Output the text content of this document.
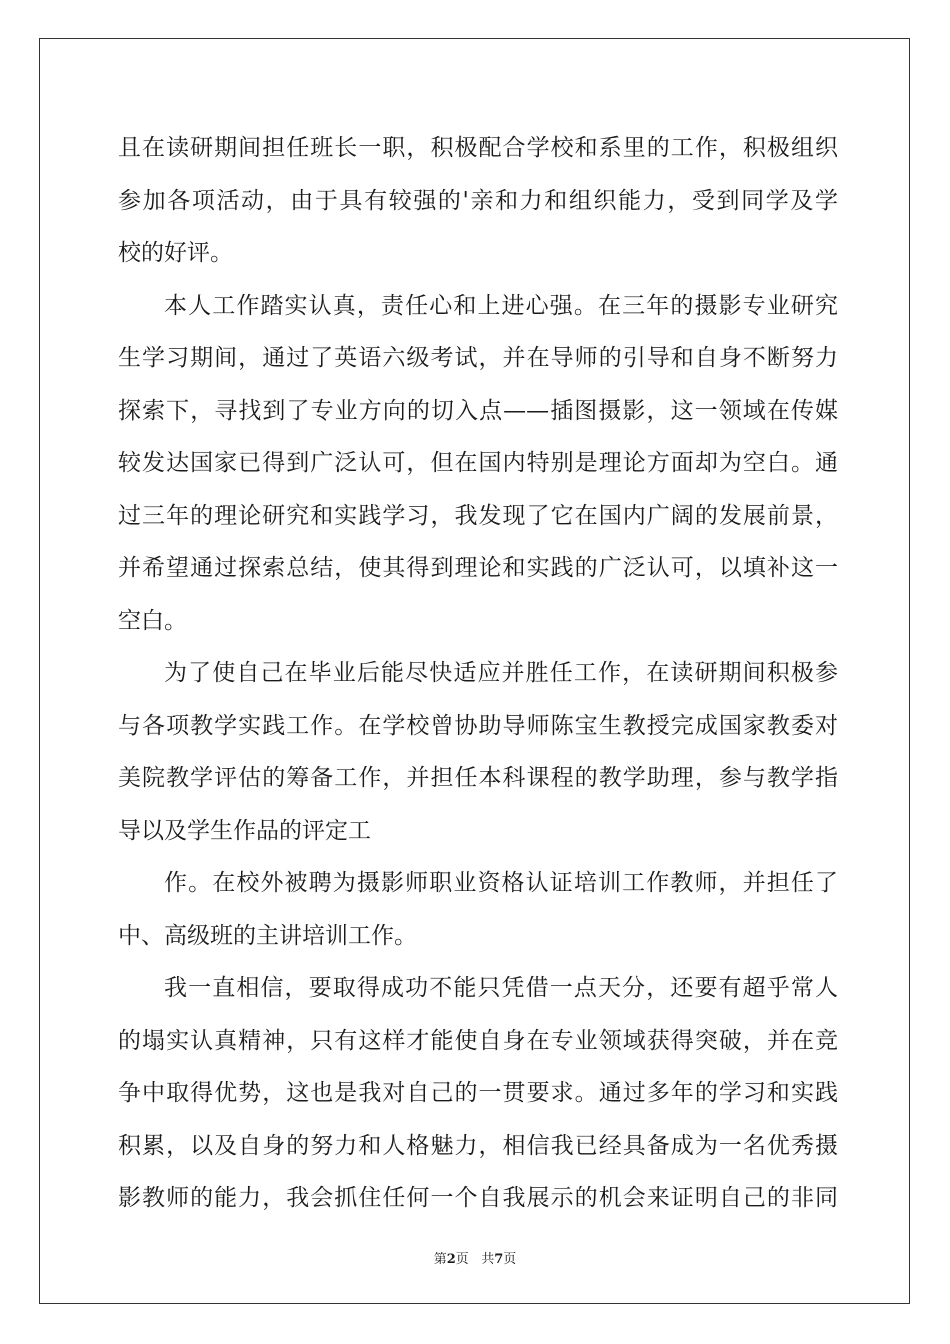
且在读研期间担任班长一职，积极配合学校和系里的工作，积极组织
参加各项活动，由于具有较强的'亲和力和组织能力，受到同学及学
校的好评。
本人工作踏实认真，责任心和上进心强。在三年的摄影专业研究
生学习期间，通过了英语六级考试，并在导师的引导和自身不断努力
探索下，寻找到了专业方向的切入点——插图摄影，这一领域在传媒
较发达国家已得到广泛认可，但在国内特别是理论方面却为空白。通
过三年的理论研究和实践学习，我发现了它在国内广阔的发展前景，
并希望通过探索总结，使其得到理论和实践的广泛认可，以填补这一
空白。
为了使自己在毕业后能尽快适应并胜任工作，在读研期间积极参
与各项教学实践工作。在学校曾协助导师陈宝生教授完成国家教委对
美院教学评估的筹备工作，并担任本科课程的教学助理，参与教学指
导以及学生作品的评定工
作。在校外被聘为摄影师职业资格认证培训工作教师，并担任了
中、高级班的主讲培训工作。
我一直相信，要取得成功不能只凭借一点天分，还要有超乎常人
的塌实认真精神，只有这样才能使自身在专业领域获得突破，并在竞
争中取得优势，这也是我对自己的一贯要求。通过多年的学习和实践
积累，以及自身的努力和人格魅力，相信我已经具备成为一名优秀摄
影教师的能力，我会抓住任何一个自我展示的机会来证明自己的非同
第2页 共7页
